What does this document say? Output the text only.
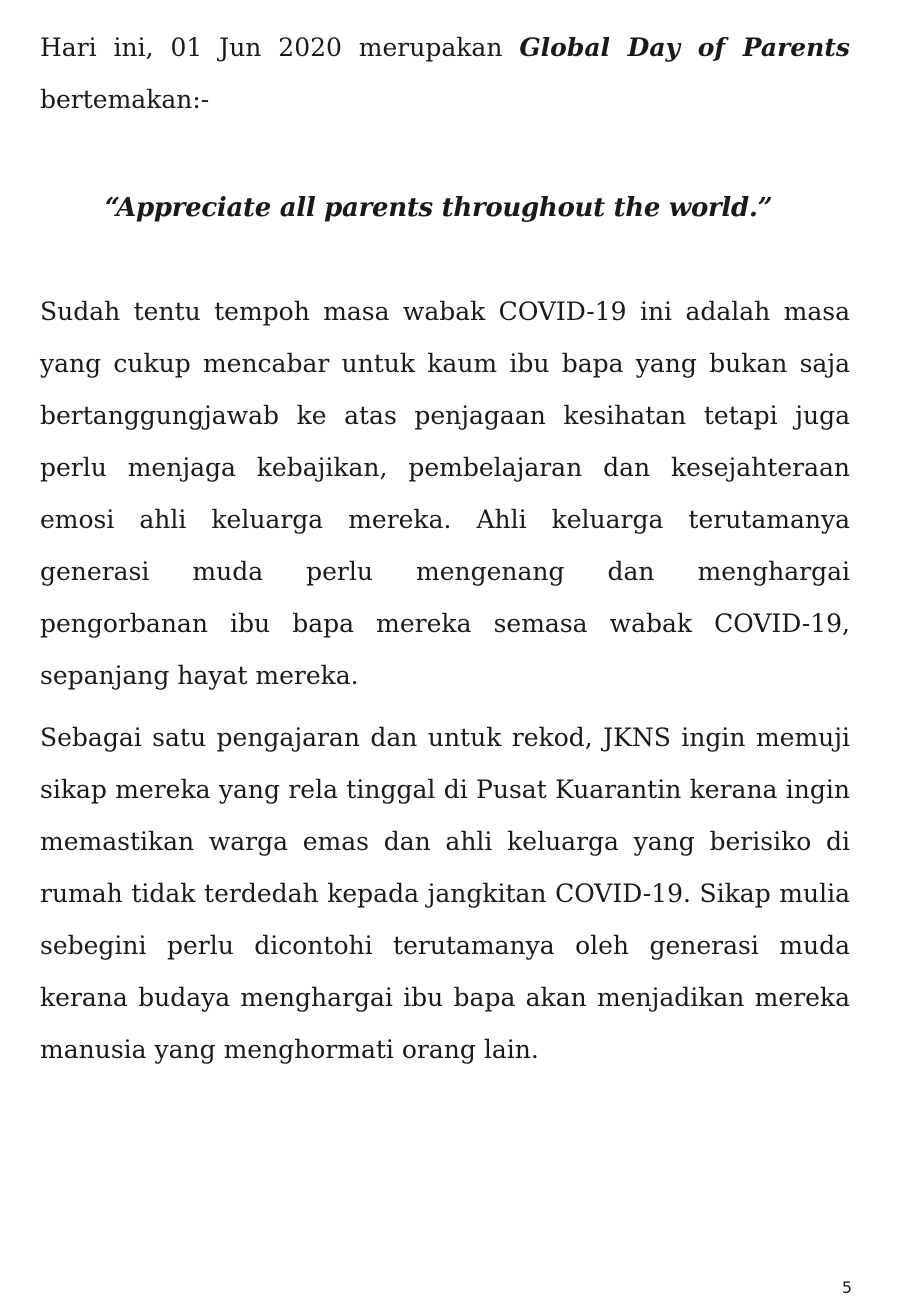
Hari ini, 01 Jun 2020 merupakan Global Day of Parents bertemakan:-

“Appreciate all parents throughout the world.”

Sudah tentu tempoh masa wabak COVID-19 ini adalah masa yang cukup mencabar untuk kaum ibu bapa yang bukan saja bertanggungjawab ke atas penjagaan kesihatan tetapi juga perlu menjaga kebajikan, pembelajaran dan kesejahteraan emosi ahli keluarga mereka. Ahli keluarga terutamanya generasi muda perlu mengenang dan menghargai pengorbanan ibu bapa mereka semasa wabak COVID-19, sepanjang hayat mereka.

Sebagai satu pengajaran dan untuk rekod, JKNS ingin memuji sikap mereka yang rela tinggal di Pusat Kuarantin kerana ingin memastikan warga emas dan ahli keluarga yang berisiko di rumah tidak terdedah kepada jangkitan COVID-19. Sikap mulia sebegini perlu dicontohi terutamanya oleh generasi muda kerana budaya menghargai ibu bapa akan menjadikan mereka manusia yang menghormati orang lain.

5
